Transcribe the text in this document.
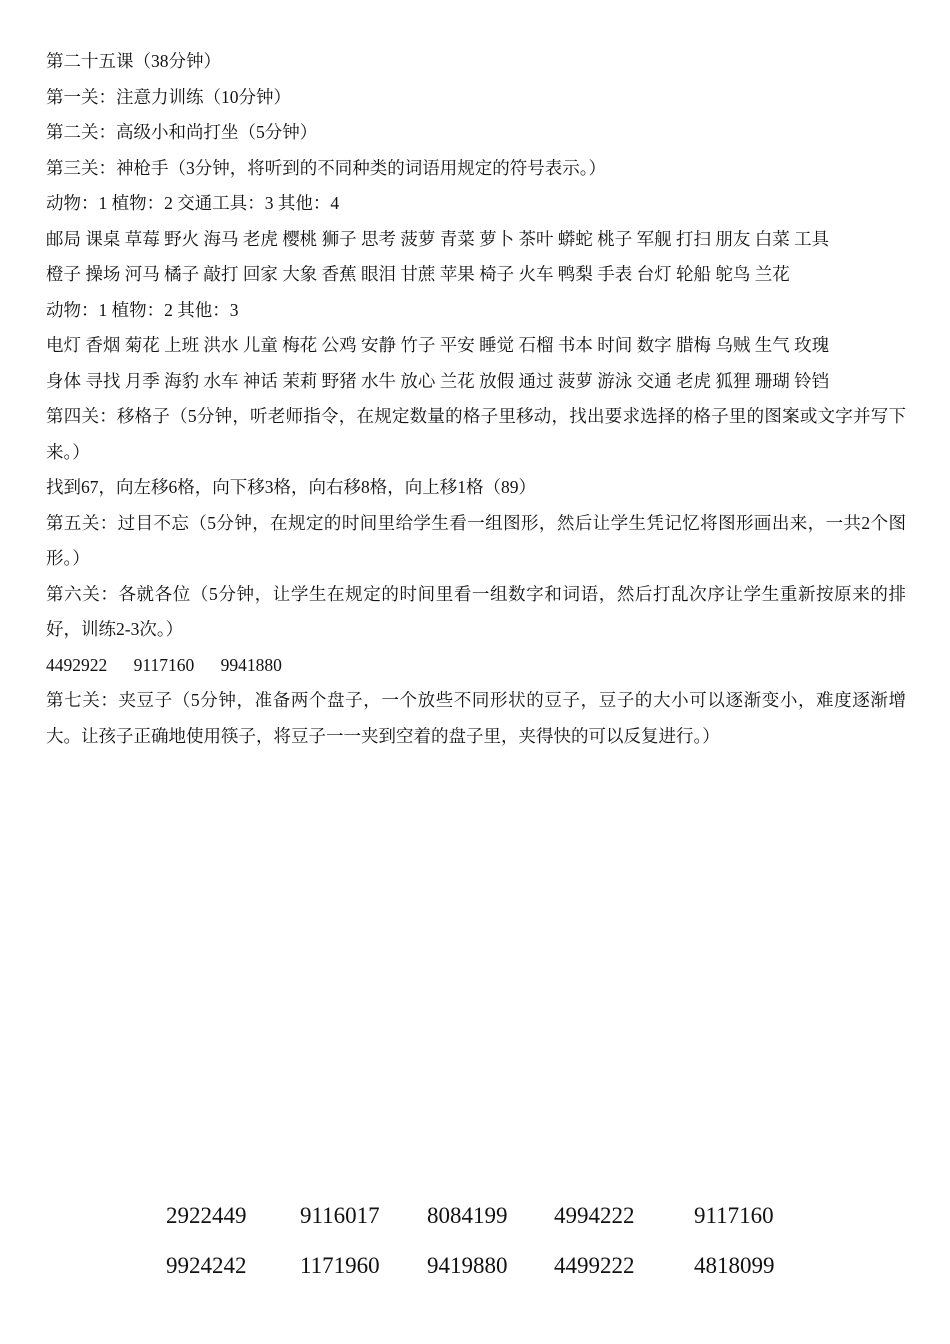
第二十五课（38分钟）
第一关：注意力训练（10分钟）
第二关：高级小和尚打坐（5分钟）
第三关：神枪手（3分钟，将听到的不同种类的词语用规定的符号表示。）
动物：1 植物：2 交通工具：3 其他：4
邮局 课桌 草莓 野火 海马 老虎 樱桃 狮子 思考 菠萝 青菜 萝卜 茶叶 蟒蛇 桃子 军舰 打扫 朋友 白菜 工具
橙子 操场 河马 橘子 敲打 回家 大象 香蕉 眼泪 甘蔗 苹果 椅子 火车 鸭梨 手表 台灯 轮船 鸵鸟 兰花
动物：1 植物：2 其他：3
电灯 香烟 菊花 上班 洪水 儿童 梅花 公鸡 安静 竹子 平安 睡觉 石榴 书本 时间 数字 腊梅 乌贼 生气 玫瑰
身体 寻找 月季 海豹 水车 神话 茉莉 野猪 水牛 放心 兰花 放假 通过 菠萝 游泳 交通 老虎 狐狸 珊瑚 铃铛
第四关：移格子（5分钟，听老师指令，在规定数量的格子里移动，找出要求选择的格子里的图案或文字并写下来。）
找到67，向左移6格，向下移3格，向右移8格，向上移1格（89）
第五关：过目不忘（5分钟，在规定的时间里给学生看一组图形，然后让学生凭记忆将图形画出来，一共2个图形。）
第六关：各就各位（5分钟，让学生在规定的时间里看一组数字和词语，然后打乱次序让学生重新按原来的排好，训练2-3次。）
4492922 9117160 9941880
第七关：夹豆子（5分钟，准备两个盘子，一个放些不同形状的豆子，豆子的大小可以逐渐变小，难度逐渐增大。让孩子正确地使用筷子，将豆子一一夹到空着的盘子里，夹得快的可以反复进行。）
2922449 9116017 8084199 4994222	9117160
9924242 1171960 9419880 4499222	4818099
